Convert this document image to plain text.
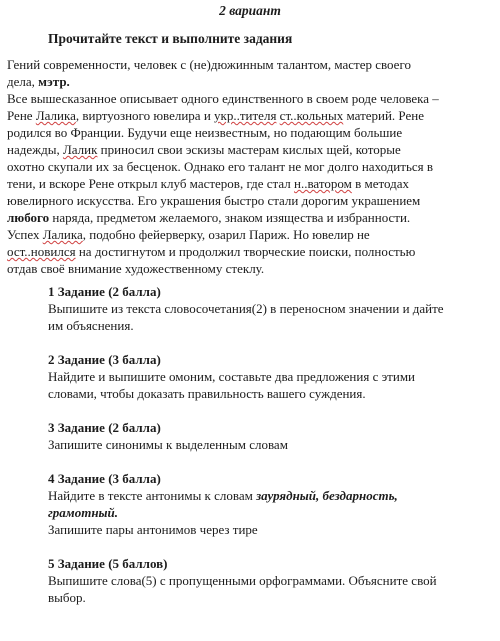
2 вариант
Прочитайте текст и выполните задания
Гений современности, человек с (не)дюжинным талантом, мастер своего
дела, мэтр.
Все вышесказанное описывает одного единственного в своем роде человека –
Рене Лалика, виртуозного ювелира и укр..тителя ст..кольных материй. Рене
родился во Франции. Будучи еще неизвестным, но подающим большие
надежды, Лалик приносил свои эскизы мастерам кислых щей, которые
охотно скупали их за бесценок. Однако его талант не мог долго находиться в
тени, и вскоре Рене открыл клуб мастеров, где стал н..ватором в методах
ювелирного искусства. Его украшения быстро стали дорогим украшением
любого наряда, предметом желаемого, знаком изящества и избранности.
Успех Лалика, подобно фейерверку, озарил Париж. Но ювелир не
ост..новился на достигнутом и продолжил творческие поиски, полностью
отдав своё внимание художественному стеклу.
1 Задание (2 балла)
Выпишите из текста словосочетания(2) в переносном значении и дайте
им объяснения.
2 Задание (3 балла)
Найдите и выпишите омоним, составьте два предложения с этими
словами, чтобы доказать правильность вашего суждения.
3 Задание (2 балла)
Запишите синонимы к выделенным словам
4 Задание (3 балла)
Найдите в тексте антонимы к словам заурядный, бездарность,
грамотный.
Запишите пары антонимов через тире
5 Задание (5 баллов)
Выпишите слова(5) с пропущенными орфограммами. Объясните свой
выбор.
